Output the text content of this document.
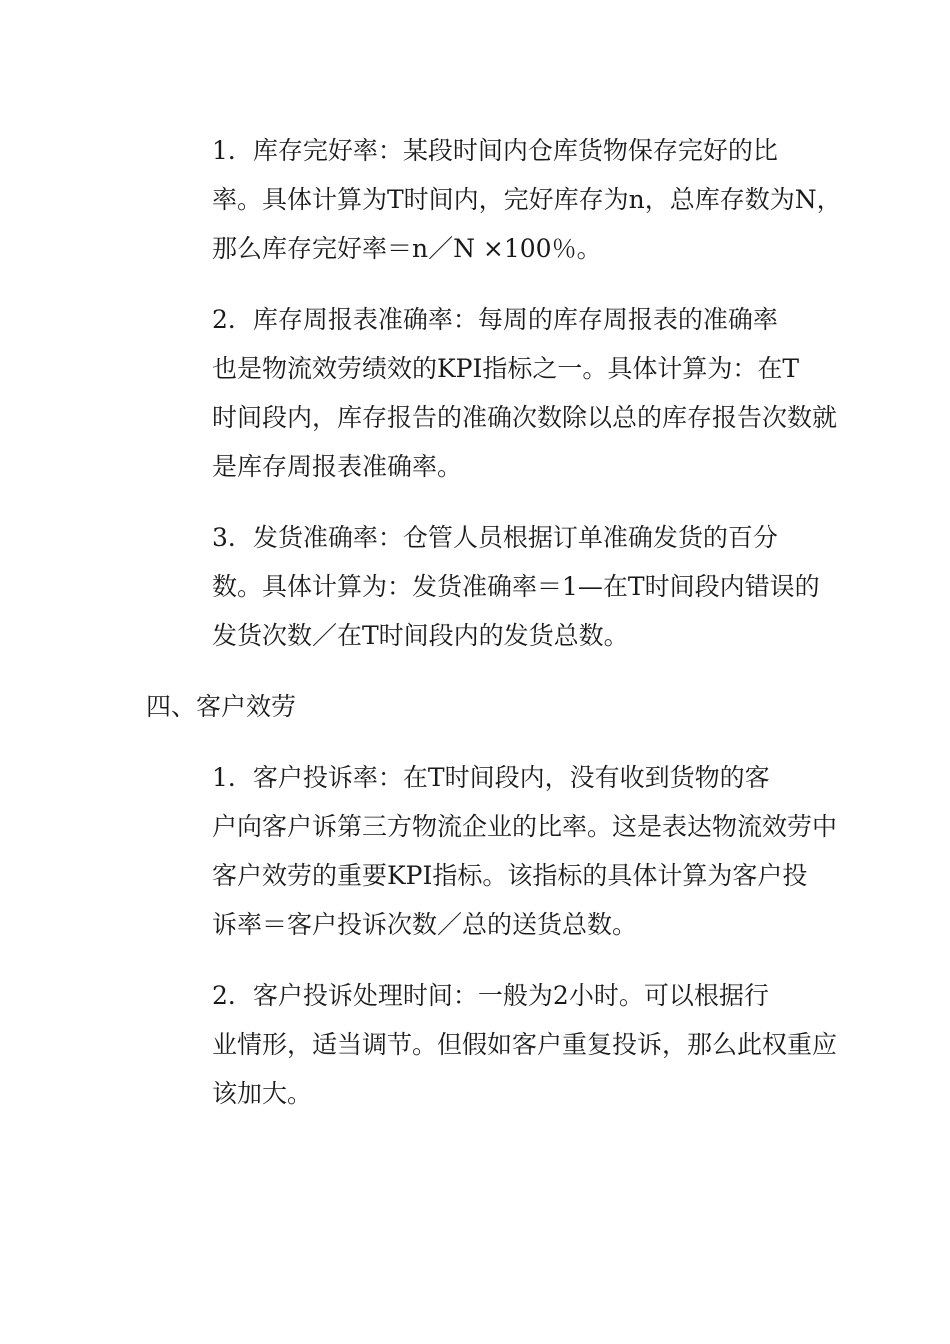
1．库存完好率：某段时间内仓库货物保存完好的比
率。具体计算为T时间内，完好库存为n，总库存数为N，
那么库存完好率＝n／N ×100％。

2．库存周报表准确率：每周的库存周报表的准确率
也是物流效劳绩效的KPI指标之一。具体计算为：在T
时间段内，库存报告的准确次数除以总的库存报告次数就
是库存周报表准确率。

3．发货准确率：仓管人员根据订单准确发货的百分
数。具体计算为：发货准确率＝1—在T时间段内错误的
发货次数／在T时间段内的发货总数。

四、客户效劳

1．客户投诉率：在T时间段内，没有收到货物的客
户向客户诉第三方物流企业的比率。这是表达物流效劳中
客户效劳的重要KPI指标。该指标的具体计算为客户投
诉率＝客户投诉次数／总的送货总数。

2．客户投诉处理时间：一般为2小时。可以根据行
业情形，适当调节。但假如客户重复投诉，那么此权重应
该加大。
